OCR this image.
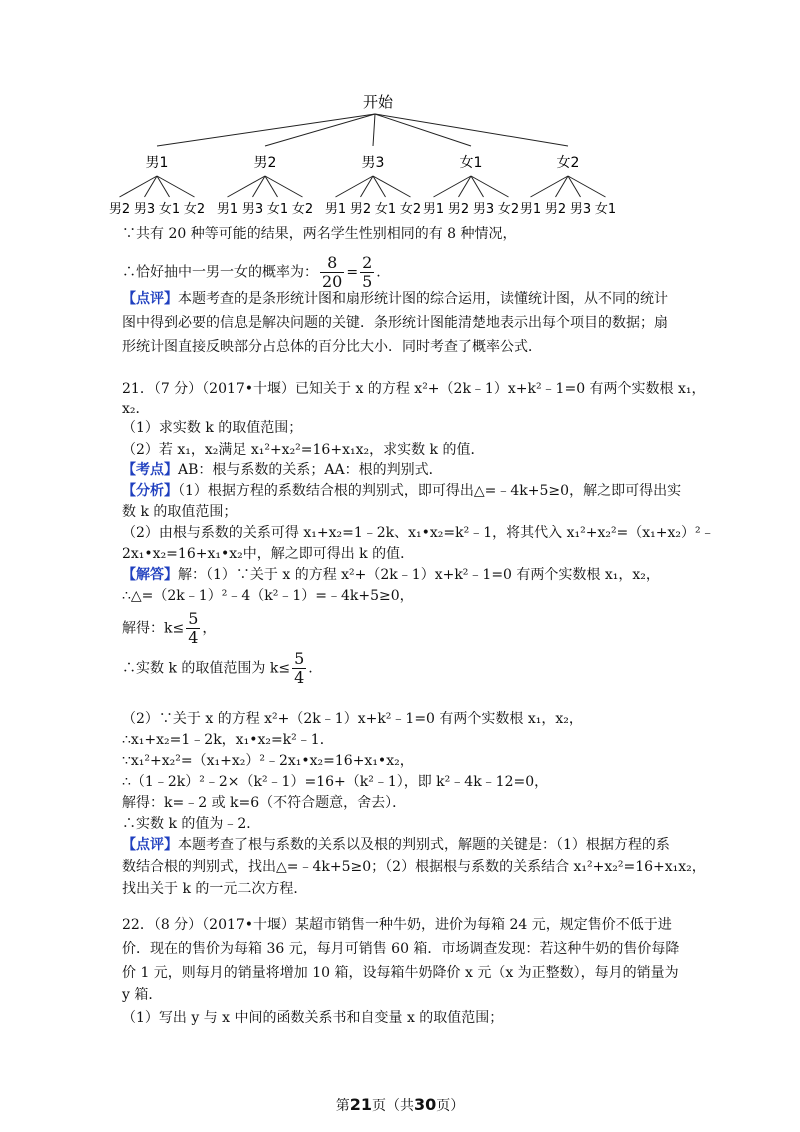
开始
男1	男2	男3	女1	女2
男2 男3 女1 女2 男1 男3 女1 女2 男1 男2 女1 女2 男1 男2 男3 女2 男1 男2 男3 女1
∵共有 20 种等可能的结果，两名学生性别相同的有 8 种情况，
∴恰好抽中一男一女的概率为： $\frac{8}{20} = \frac{2}{5}$ .
【点评】本题考查的是条形统计图和扇形统计图的综合运用，读懂统计图，从不同的统计
图中得到必要的信息是解决问题的关键．条形统计图能清楚地表示出每个项目的数据；扇
形统计图直接反映部分占总体的百分比大小．同时考查了概率公式．
21．（7 分）（2017•十堰）已知关于 x 的方程 x²+（2k﹣1）x+k²﹣1=0 有两个实数根 x₁，
x₂．
（1）求实数 k 的取值范围；
（2）若 x₁，x₂满足 x₁²+x₂²=16+x₁x₂，求实数 k 的值．
【考点】AB：根与系数的关系；AA：根的判别式．
【分析】（1）根据方程的系数结合根的判别式，即可得出△=﹣4k+5≥0，解之即可得出实
数 k 的取值范围；
（2）由根与系数的关系可得 x₁+x₂=1﹣2k、x₁•x₂=k²﹣1，将其代入 x₁²+x₂²=（x₁+x₂）²﹣
2x₁•x₂=16+x₁•x₂中，解之即可得出 k 的值．
【解答】解：（1）∵关于 x 的方程 x²+（2k﹣1）x+k²﹣1=0 有两个实数根 x₁，x₂，
∴△=（2k﹣1）²﹣4（k²﹣1）=﹣4k+5≥0，
解得：$k\le \frac{5}{4}$ ，
∴实数 k 的取值范围为 $k\le \frac{5}{4}$ .
（2）∵关于 x 的方程 x²+（2k﹣1）x+k²﹣1=0 有两个实数根 x₁，x₂，
∴x₁+x₂=1﹣2k，x₁•x₂=k²﹣1．
∵x₁²+x₂²=（x₁+x₂）²﹣2x₁•x₂=16+x₁•x₂，
∴（1﹣2k）²﹣2×（k²﹣1）=16+（k²﹣1），即 k²﹣4k﹣12=0，
解得：k=﹣2 或 k=6（不符合题意，舍去）．
∴实数 k 的值为﹣2．
【点评】本题考查了根与系数的关系以及根的判别式，解题的关键是：（1）根据方程的系
数结合根的判别式，找出△=﹣4k+5≥0；（2）根据根与系数的关系结合 x₁²+x₂²=16+x₁x₂，
找出关于 k 的一元二次方程．
22．（8 分）（2017•十堰）某超市销售一种牛奶，进价为每箱 24 元，规定售价不低于进
价．现在的售价为每箱 36 元，每月可销售 60 箱．市场调查发现：若这种牛奶的售价每降
价 1 元，则每月的销量将增加 10 箱，设每箱牛奶降价 x 元（x 为正整数），每月的销量为
y 箱．
（1）写出 y 与 x 中间的函数关系书和自变量 x 的取值范围；
第21页（共30页）
